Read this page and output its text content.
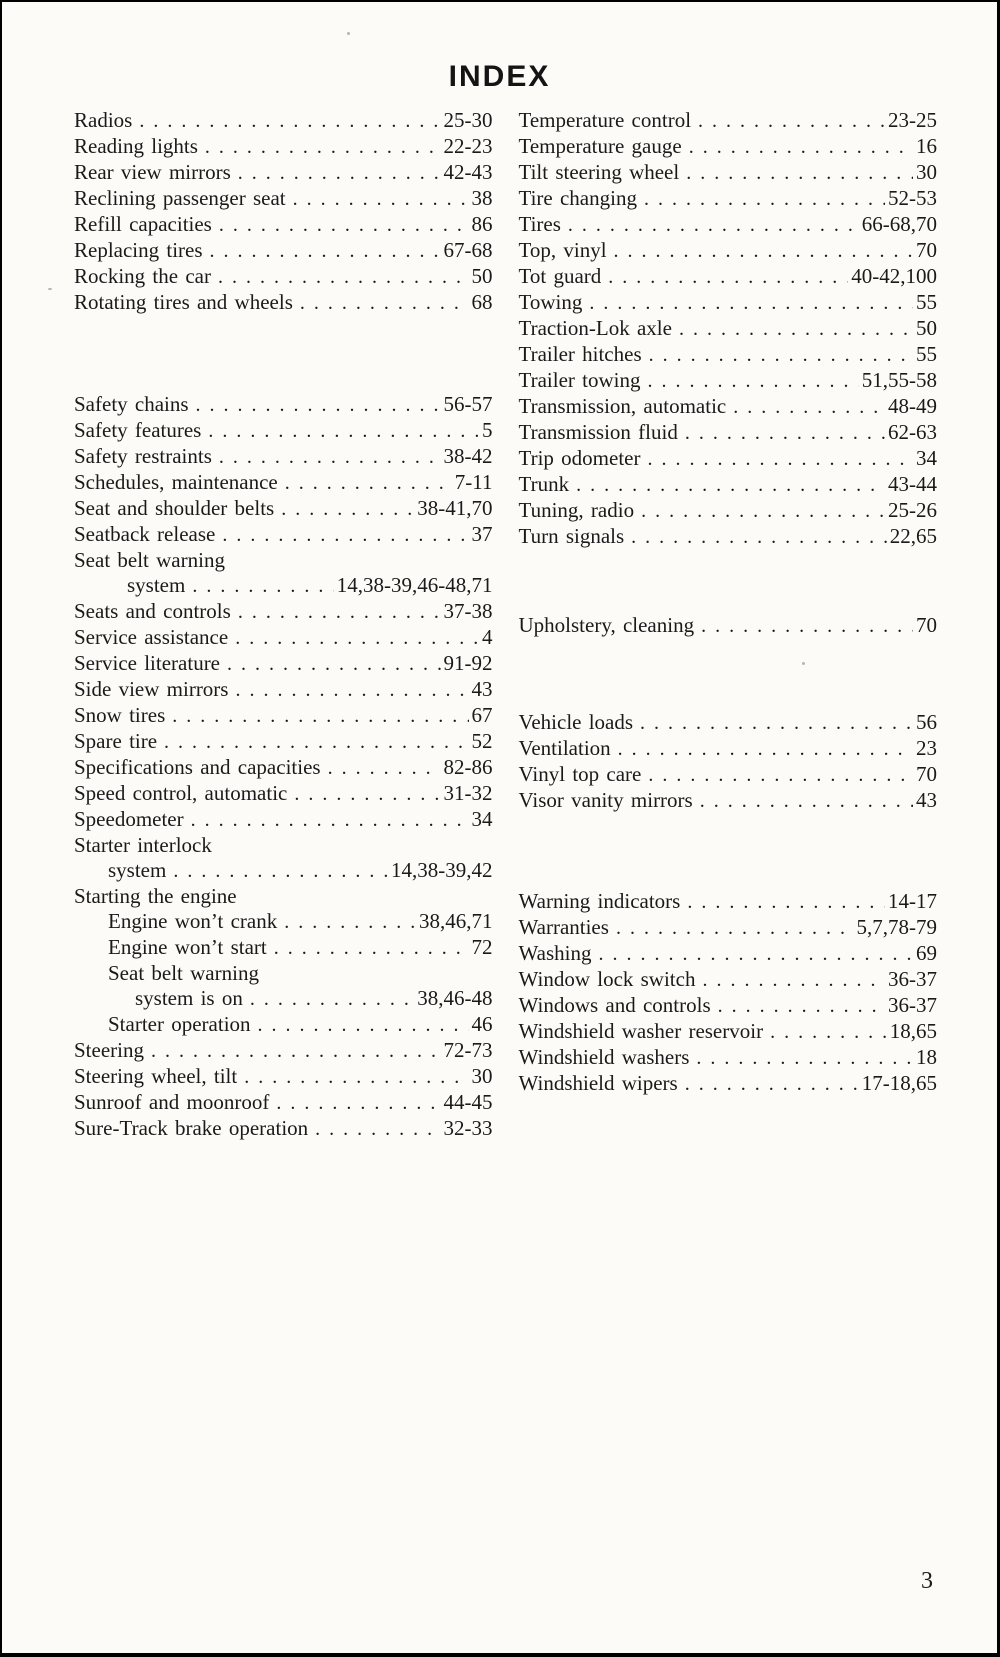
INDEX
Radios .....	25-30
Reading lights .....	22-23
Rear view mirrors .....	42-43
Reclining passenger seat .....	38
Refill capacities .....	86
Replacing tires .....	67-68
Rocking the car .....	50
Rotating tires and wheels .....	68
Safety chains .....	56-57
Safety features .....	5
Safety restraints .....	38-42
Schedules, maintenance .....	7-11
Seat and shoulder belts .....	38-41,70
Seatback release .....	37
Seat belt warning
system .....	14,38-39,46-48,71
Seats and controls .....	37-38
Service assistance .....	4
Service literature .....	91-92
Side view mirrors .....	43
Snow tires .....	67
Spare tire .....	52
Specifications and capacities .....	82-86
Speed control, automatic .....	31-32
Speedometer .....	34
Starter interlock
system .....	14,38-39,42
Starting the engine
Engine won’t crank .....	38,46,71
Engine won’t start .....	72
Seat belt warning
system is on .....	38,46-48
Starter operation .....	46
Steering .....	72-73
Steering wheel, tilt .....	30
Sunroof and moonroof .....	44-45
Sure-Track brake operation .....	32-33
Temperature control .....	23-25
Temperature gauge .....	16
Tilt steering wheel .....	30
Tire changing .....	52-53
Tires .....	66-68,70
Top, vinyl .....	70
Tot guard .....	40-42,100
Towing .....	55
Traction-Lok axle .....	50
Trailer hitches .....	55
Trailer towing .....	51,55-58
Transmission, automatic .....	48-49
Transmission fluid .....	62-63
Trip odometer .....	34
Trunk .....	43-44
Tuning, radio .....	25-26
Turn signals .....	22,65
Upholstery, cleaning .....	70
Vehicle loads .....	56
Ventilation .....	23
Vinyl top care .....	70
Visor vanity mirrors .....	43
Warning indicators .....	14-17
Warranties .....	5,7,78-79
Washing .....	69
Window lock switch .....	36-37
Windows and controls .....	36-37
Windshield washer reservoir .....	18,65
Windshield washers .....	18
Windshield wipers .....	17-18,65
3
